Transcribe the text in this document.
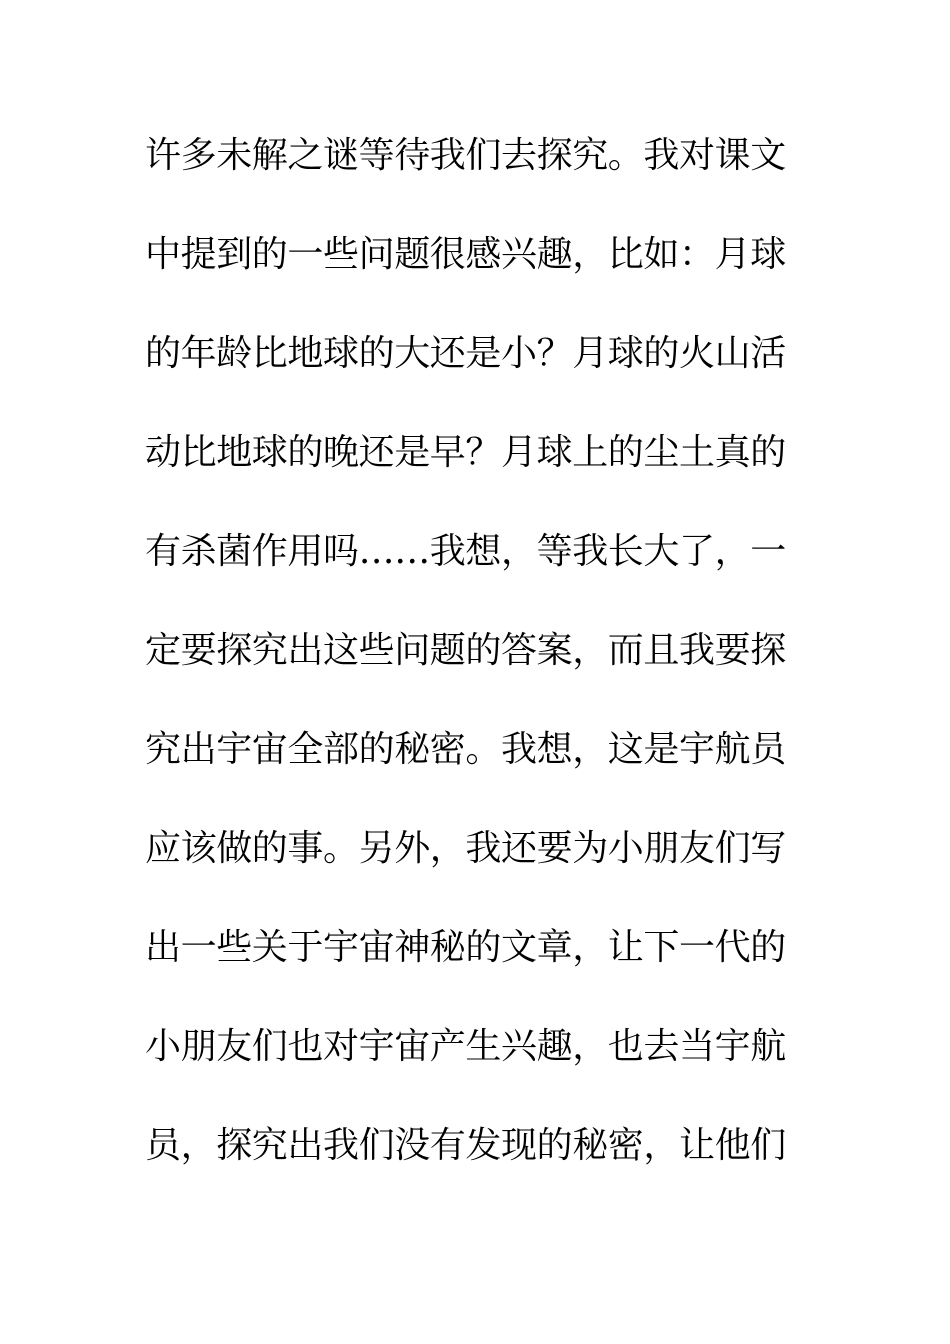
许多未解之谜等待我们去探究。我对课文
中提到的一些问题很感兴趣，比如：月球
的年龄比地球的大还是小？月球的火山活
动比地球的晚还是早？月球上的尘土真的
有杀菌作用吗……我想，等我长大了，一
定要探究出这些问题的答案，而且我要探
究出宇宙全部的秘密。我想，这是宇航员
应该做的事。另外，我还要为小朋友们写
出一些关于宇宙神秘的文章，让下一代的
小朋友们也对宇宙产生兴趣，也去当宇航
员，探究出我们没有发现的秘密，让他们
